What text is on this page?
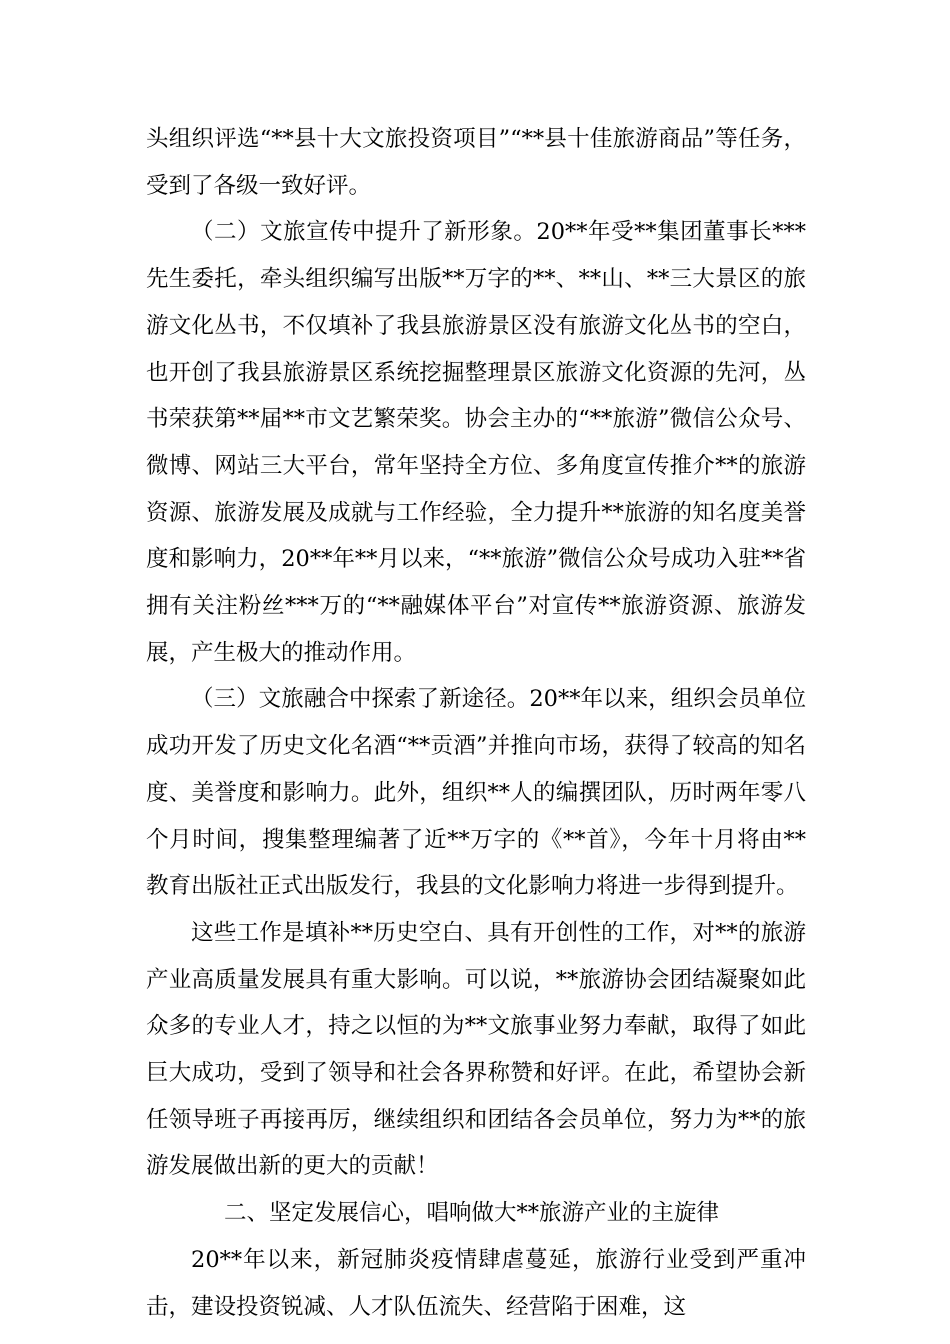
头组织评选“**县十大文旅投资项目”“**县十佳旅游商品”等任务，受到了各级一致好评。

（二）文旅宣传中提升了新形象。20**年受**集团董事长***先生委托，牵头组织编写出版**万字的**、**山、**三大景区的旅游文化丛书，不仅填补了我县旅游景区没有旅游文化丛书的空白，也开创了我县旅游景区系统挖掘整理景区旅游文化资源的先河，丛书荣获第**届**市文艺繁荣奖。协会主办的“**旅游”微信公众号、微博、网站三大平台，常年坚持全方位、多角度宣传推介**的旅游资源、旅游发展及成就与工作经验，全力提升**旅游的知名度美誉度和影响力，20**年**月以来，“**旅游”微信公众号成功入驻**省拥有关注粉丝***万的“**融媒体平台”对宣传**旅游资源、旅游发展，产生极大的推动作用。

（三）文旅融合中探索了新途径。20**年以来，组织会员单位成功开发了历史文化名酒“**贡酒”并推向市场，获得了较高的知名度、美誉度和影响力。此外，组织**人的编撰团队，历时两年零八个月时间，搜集整理编著了近**万字的《**首》，今年十月将由**教育出版社正式出版发行，我县的文化影响力将进一步得到提升。

这些工作是填补**历史空白、具有开创性的工作，对**的旅游产业高质量发展具有重大影响。可以说，**旅游协会团结凝聚如此众多的专业人才，持之以恒的为**文旅事业努力奉献，取得了如此巨大成功，受到了领导和社会各界称赞和好评。在此，希望协会新任领导班子再接再厉，继续组织和团结各会员单位，努力为**的旅游发展做出新的更大的贡献！

二、坚定发展信心，唱响做大**旅游产业的主旋律

20**年以来，新冠肺炎疫情肆虐蔓延，旅游行业受到严重冲击，建设投资锐减、人才队伍流失、经营陷于困难，这
